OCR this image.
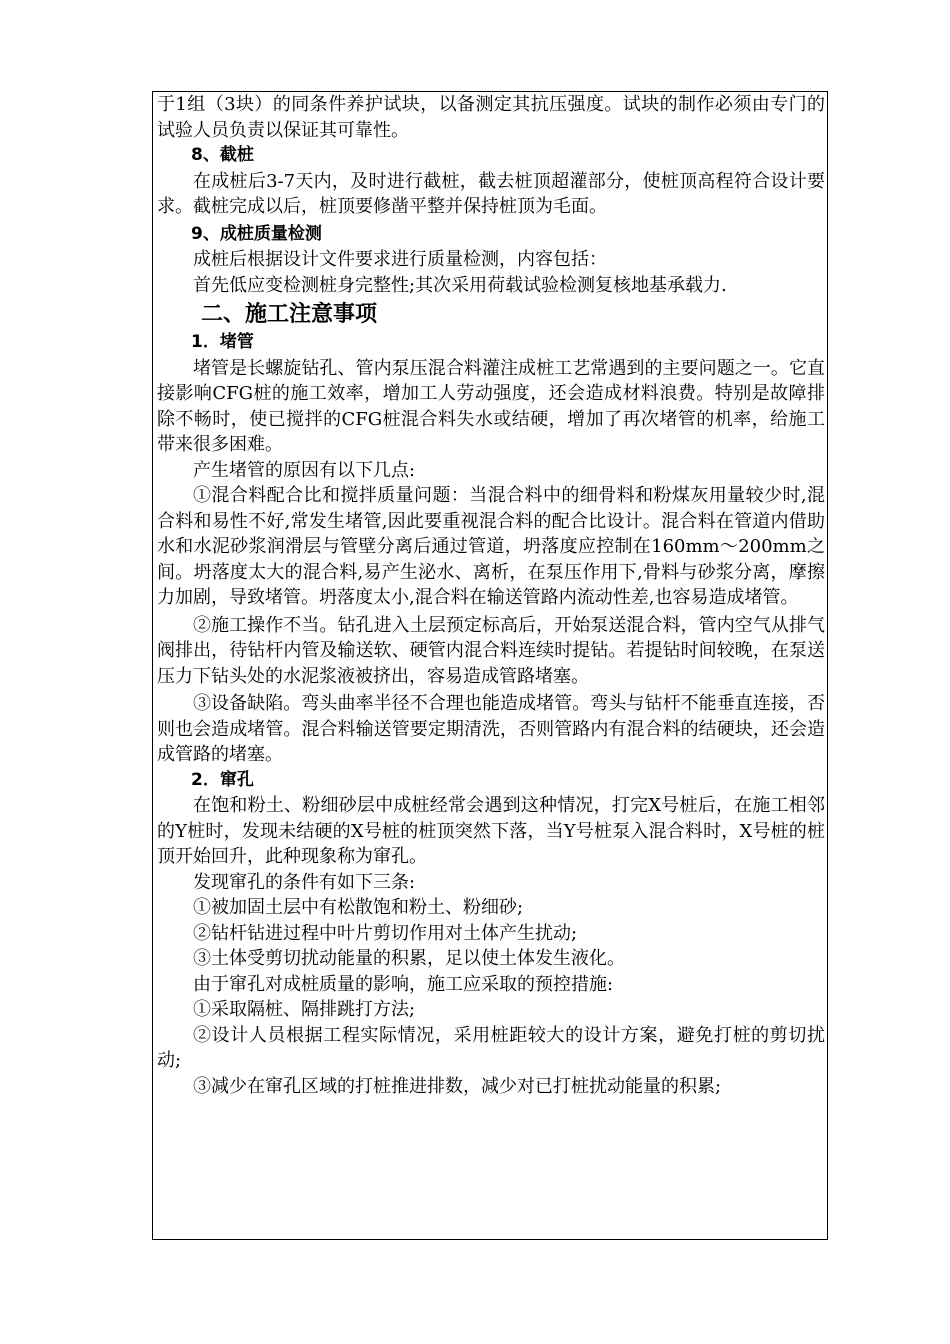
于1组（3块）的同条件养护试块，以备测定其抗压强度。试块的制作必须由专门的试验人员负责以保证其可靠性。

8、截桩

在成桩后3-7天内，及时进行截桩，截去桩顶超灌部分，使桩顶高程符合设计要求。截桩完成以后，桩顶要修凿平整并保持桩顶为毛面。

9、成桩质量检测

成桩后根据设计文件要求进行质量检测，内容包括：

首先低应变检测桩身完整性;其次采用荷载试验检测复核地基承载力.

二、施工注意事项

1．堵管

堵管是长螺旋钻孔、管内泵压混合料灌注成桩工艺常遇到的主要问题之一。它直接影响CFG桩的施工效率，增加工人劳动强度，还会造成材料浪费。特别是故障排除不畅时，使已搅拌的CFG桩混合料失水或结硬，增加了再次堵管的机率，给施工带来很多困难。

产生堵管的原因有以下几点:

①混合料配合比和搅拌质量问题：当混合料中的细骨料和粉煤灰用量较少时,混合料和易性不好,常发生堵管,因此要重视混合料的配合比设计。混合料在管道内借助水和水泥砂浆润滑层与管壁分离后通过管道，坍落度应控制在160mm～200mm之间。坍落度太大的混合料,易产生泌水、离析，在泵压作用下,骨料与砂浆分离，摩擦力加剧，导致堵管。坍落度太小,混合料在输送管路内流动性差,也容易造成堵管。

②施工操作不当。钻孔进入土层预定标高后，开始泵送混合料，管内空气从排气阀排出，待钻杆内管及输送软、硬管内混合料连续时提钻。若提钻时间较晚，在泵送压力下钻头处的水泥浆液被挤出，容易造成管路堵塞。

③设备缺陷。弯头曲率半径不合理也能造成堵管。弯头与钻杆不能垂直连接，否则也会造成堵管。混合料输送管要定期清洗，否则管路内有混合料的结硬块，还会造成管路的堵塞。

2．窜孔

在饱和粉土、粉细砂层中成桩经常会遇到这种情况，打完X号桩后，在施工相邻的Y桩时，发现未结硬的X号桩的桩顶突然下落，当Y号桩泵入混合料时，X号桩的桩顶开始回升，此种现象称为窜孔。

发现窜孔的条件有如下三条:

①被加固土层中有松散饱和粉土、粉细砂;

②钻杆钻进过程中叶片剪切作用对土体产生扰动;

③土体受剪切扰动能量的积累，足以使土体发生液化。

由于窜孔对成桩质量的影响，施工应采取的预控措施:

①采取隔桩、隔排跳打方法;

②设计人员根据工程实际情况，采用桩距较大的设计方案，避免打桩的剪切扰动;

③减少在窜孔区域的打桩推进排数，减少对已打桩扰动能量的积累;
